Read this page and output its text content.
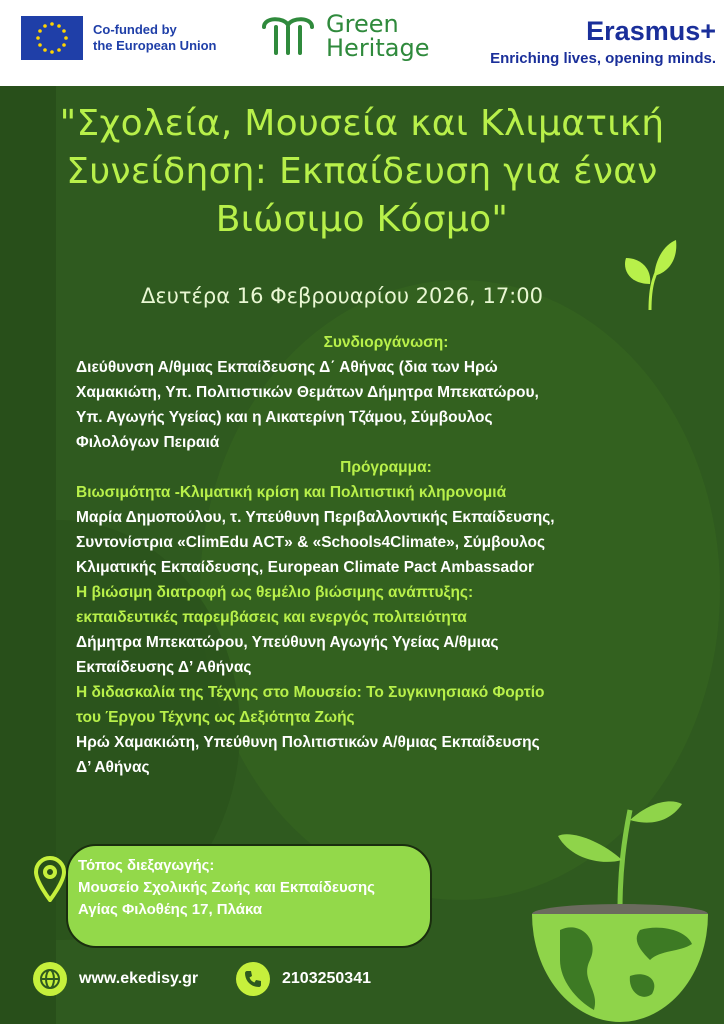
Co-funded by
the European Union
Green
Heritage
Erasmus+
Enriching lives, opening minds.
"Σχολεία, Μουσεία και Κλιματική
Συνείδηση: Εκπαίδευση για έναν
Βιώσιμο Κόσμο"
Δευτέρα 16 Φεβρουαρίου 2026, 17:00
Συνδιοργάνωση:
Διεύθυνση Α/θμιας Εκπαίδευσης Δ΄ Αθήνας (δια των Ηρώ
Χαμακιώτη, Υπ. Πολιτιστικών Θεμάτων Δήμητρα Μπεκατώρου,
Υπ. Αγωγής Υγείας) και η Αικατερίνη Τζάμου, Σύμβουλος
Φιλολόγων Πειραιά
Πρόγραμμα:
Βιωσιμότητα -Κλιματική κρίση και Πολιτιστική κληρονομιά
Μαρία Δημοπούλου, τ. Υπεύθυνη Περιβαλλοντικής Εκπαίδευσης,
Συντονίστρια «ClimEdu ACT» & «Schools4Climate», Σύμβουλος
Κλιματικής Εκπαίδευσης, European Climate Pact Ambassador
Η βιώσιμη διατροφή ως θεμέλιο βιώσιμης ανάπτυξης:
εκπαιδευτικές παρεμβάσεις και ενεργός πολιτειότητα
Δήμητρα Μπεκατώρου, Υπεύθυνη Αγωγής Υγείας Α/θμιας
Εκπαίδευσης Δ’ Αθήνας
Η διδασκαλία της Τέχνης στο Μουσείο: Το Συγκινησιακό Φορτίο
του Έργου Τέχνης ως Δεξιότητα Ζωής
Ηρώ Χαμακιώτη, Υπεύθυνη Πολιτιστικών Α/θμιας Εκπαίδευσης
Δ’ Αθήνας
Τόπος διεξαγωγής:
Μουσείο Σχολικής Ζωής και Εκπαίδευσης
Αγίας Φιλοθέης 17, Πλάκα
www.ekedisy.gr	2103250341
